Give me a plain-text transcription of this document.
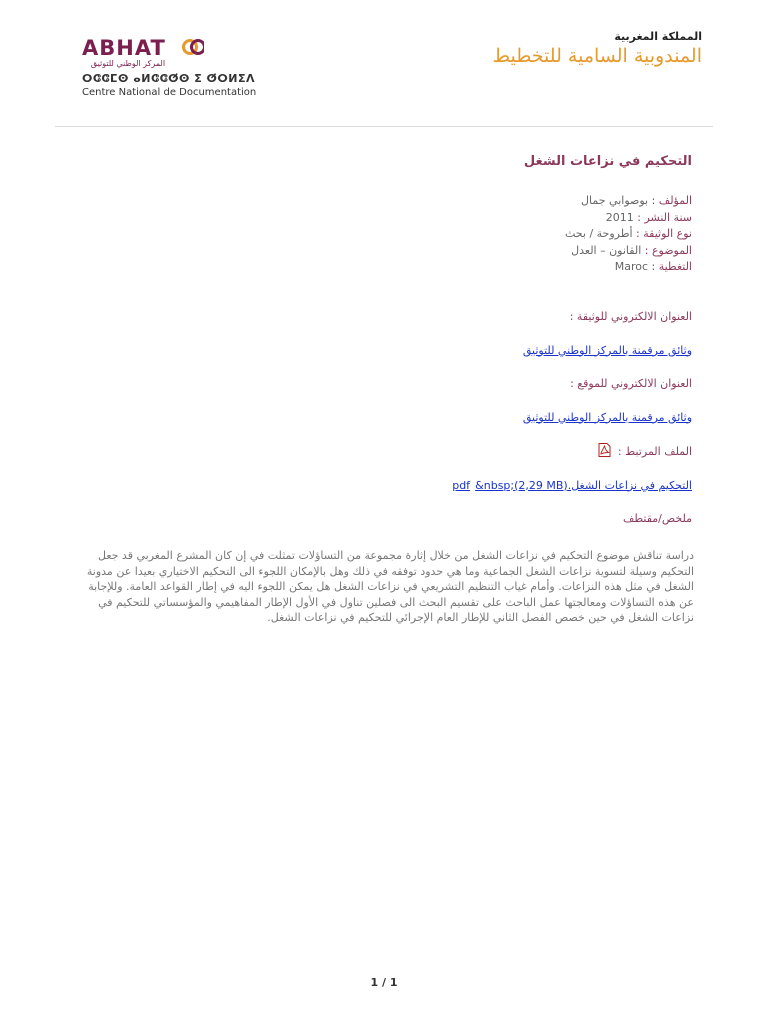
ABHAT
المركز الوطني للتوثيق
ⵔⵛⵛⵎⵙ ⴰⵍⵛⵛⵚⵙ ⵉ ⵚⵔⵍⵉⴷ
Centre National de Documentation
المملكة المغربية
المندوبية السامية للتخطيط
التحكيم في نزاعات الشغل
المؤلف : بوصوابي جمال
سنة النشر : 2011
نوع الوثيقة : أطروحة / بحث
الموضوع : القانون – العدل
التغطية : Maroc
العنوان الالكتروني للوثيقة :
وثائق مرقمنة بالمركز الوطني للتوثيق
العنوان الالكتروني للموقع :
وثائق مرقمنة بالمركز الوطني للتوثيق
الملف المرتبط :
التحكيم في نزاعات الشغل.pdf &nbsp;(2,29 MB)
ملخص/مقتطف
دراسة تناقش موضوع التحكيم في نزاعات الشغل من خلال إثارة مجموعة من التساؤلات تمثلت في إن كان المشرع المغربي قد جعل التحكيم وسيلة لتسوية نزاعات الشغل الجماعية وما هي حدود توفقه في ذلك وهل بالإمكان اللجوء الى التحكيم الاختياري بعيدا عن مدونة الشغل في مثل هذه النزاعات. وأمام غياب التنظيم التشريعي في نزاعات الشغل هل يمكن اللجوء اليه في إطار القواعد العامة. وللإجابة عن هذه التساؤلات ومعالجتها عمل الباحث على تقسيم البحث الى فصلين تناول في الأول الإطار المفاهيمي والمؤسساتي للتحكيم في نزاعات الشغل في حين خصص الفصل الثاني للإطار العام الإجرائي للتحكيم في نزاعات الشغل.
1 / 1
